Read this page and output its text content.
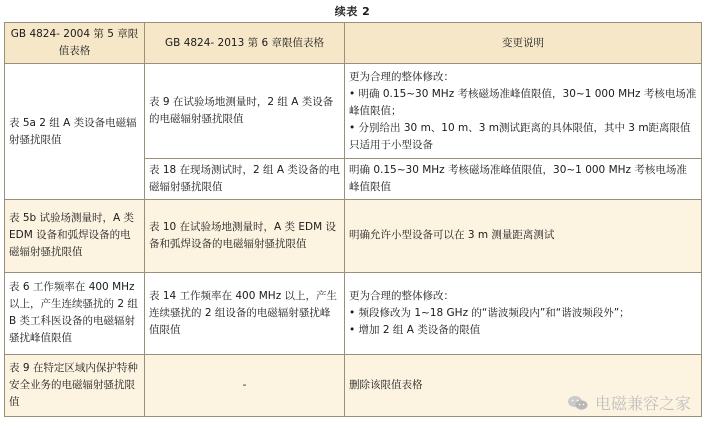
续表 2
GB 4824- 2004 第 5 章限值表格	GB 4824- 2013 第 6 章限值表格	变更说明
表 5a 2 组 A 类设备电磁辐射骚扰限值	表 9 在试验场地测量时，2 组 A 类设备的电磁辐射骚扰限值	更为合理的整体修改：
• 明确 0.15~30 MHz 考核磁场准峰值限值，30~1 000 MHz 考核电场准峰值限值；
• 分别给出 30 m、10 m、3 m测试距离的具体限值，其中 3 m距离限值只适用于小型设备

	表 18 在现场测试时，2 组 A 类设备的电磁辐射骚扰限值	明确 0.15~30 MHz 考核磁场准峰值限值，30~1 000 MHz 考核电场准峰值限值
表 5b 试验场测量时，A 类 EDM 设备和弧焊设备的电磁辐射骚扰限值	表 10 在试验场地测量时，A 类 EDM 设备和弧焊设备的电磁辐射骚扰限值	明确允许小型设备可以在 3 m 测量距离测试
表 6 工作频率在 400 MHz 以上，产生连续骚扰的 2 组 B 类工科医设备的电磁辐射骚扰峰值限值	表 14 工作频率在 400 MHz 以上，产生连续骚扰的 2 组设备的电磁辐射骚扰峰值限值	更为合理的整体修改：
• 频段修改为 1~18 GHz 的“谐波频段内”和“谐波频段外”；
• 增加 2 组 A 类设备的限值

表 9 在特定区域内保护特种安全业务的电磁辐射骚扰限值	-	删除该限值表格
电磁兼容之家
